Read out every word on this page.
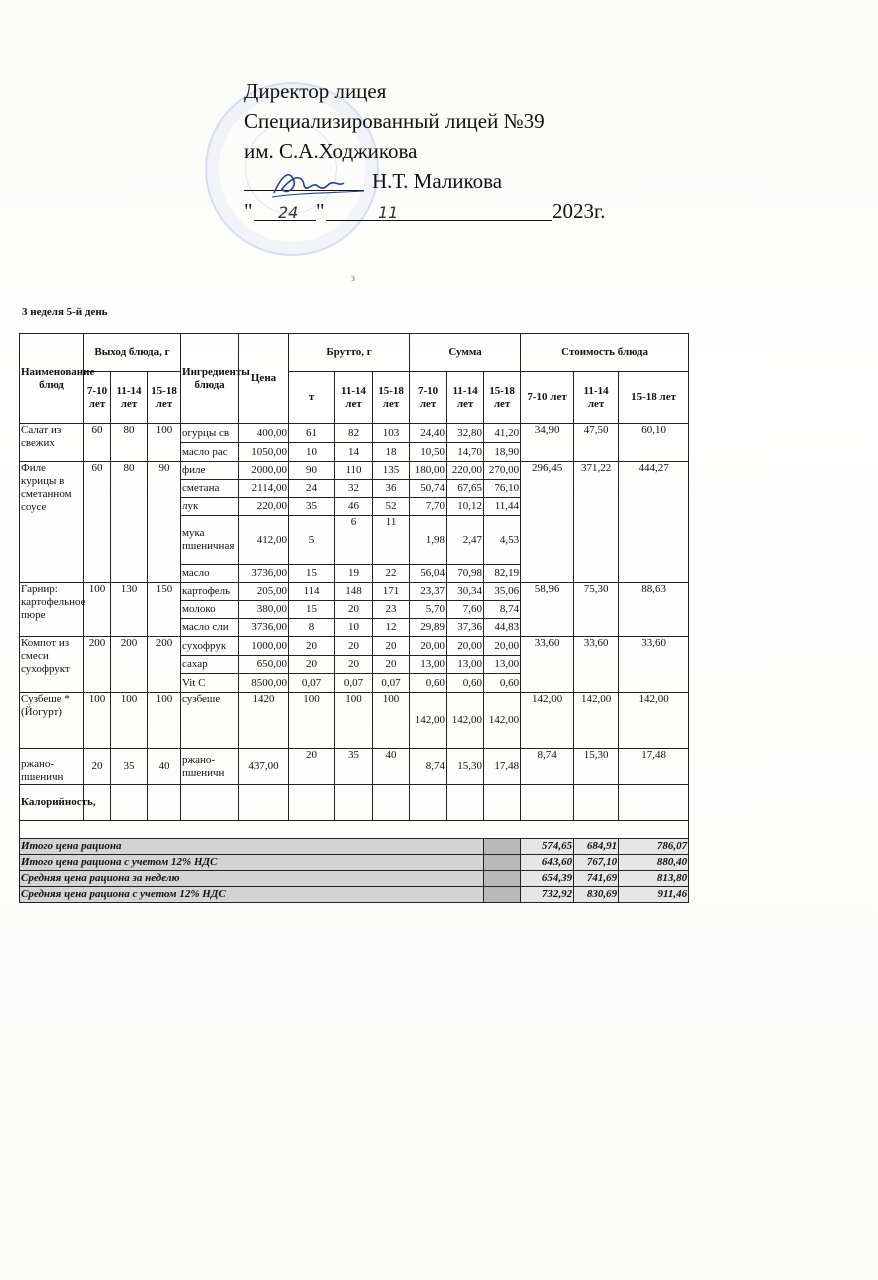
Директор лицея
Специализированный лицей №39
им. С.А.Ходжикова
Н.Т. Маликова
" 24 "	11	2023г.
з
3 неделя 5-й день
Наименование блюд	Выход блюда, г			Ингредиенты блюда	Цена	Брутто, г			Сумма			Стоимость блюда		
	7-10 лет	11-14 лет	15-18 лет			т	11-14 лет	15-18 лет	7-10 лет	11-14 лет	15-18 лет	7-10 лет	11-14 лет	15-18 лет
Салат из свежих	60	80	100	огурцы св	400,00	61	82	103	24,40	32,80	41,20	34,90	47,50	60,10
				масло рас	1050,00	10	14	18	10,50	14,70	18,90			
Филе курицы в сметанном соусе	60	80	90	филе	2000,00	90	110	135	180,00	220,00	270,00	296,45	371,22	444,27
				сметана	2114,00	24	32	36	50,74	67,65	76,10			
				лук	220,00	35	46	52	7,70	10,12	11,44			
				мука пшеничная	412,00	5	6	11	1,98	2,47	4,53			
				масло	3736,00	15	19	22	56,04	70,98	82,19			
Гарнир: картофельное пюре	100	130	150	картофель	205,00	114	148	171	23,37	30,34	35,06	58,96	75,30	88,63
				молоко	380,00	15	20	23	5,70	7,60	8,74			
				масло сли	3736,00	8	10	12	29,89	37,36	44,83			
Компот из смеси сухофрукт	200	200	200	сухофрук	1000,00	20	20	20	20,00	20,00	20,00	33,60	33,60	33,60
				сахар	650,00	20	20	20	13,00	13,00	13,00			
				Vit C	8500,00	0,07	0,07	0,07	0,60	0,60	0,60			
Сузбеше *(Йогурт)	100	100	100	сузбеше	1420	100	100	100	142,00	142,00	142,00	142,00	142,00	142,00
ржано-пшеничн	20	35	40	ржано-пшеничн	437,00	20	35	40	8,74	15,30	17,48	8,74	15,30	17,48
Калорийность,														

Итого цена рациона												574,65	684,91	786,07
Итого цена рациона с учетом 12% НДС												643,60	767,10	880,40
Средняя цена рациона за неделю												654,39	741,69	813,80
Средняя цена рациона с учетом 12% НДС												732,92	830,69	911,46
